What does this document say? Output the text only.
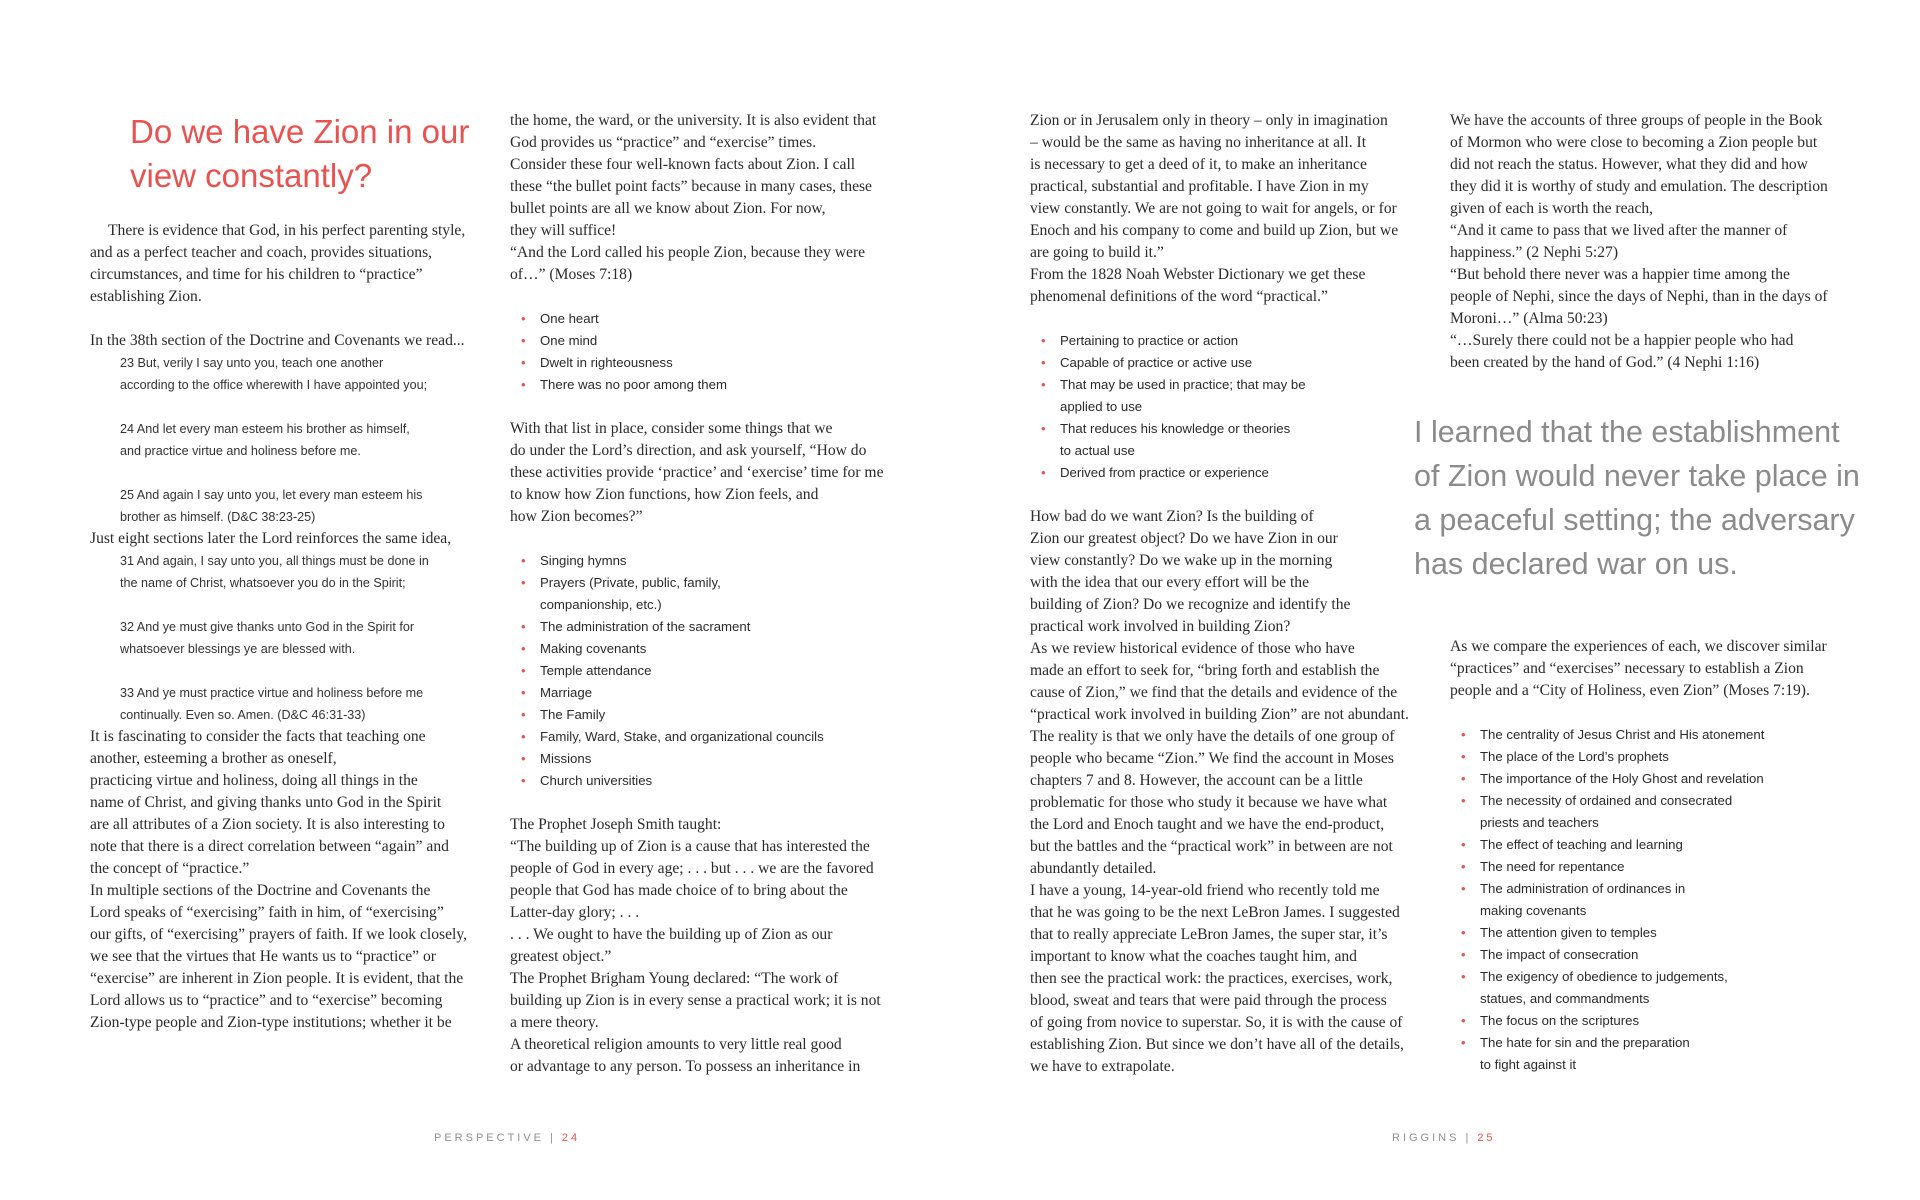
Do we have Zion in our
view constantly?

There is evidence that God, in his perfect parenting style,
and as a perfect teacher and coach, provides situations,
circumstances, and time for his children to “practice”
establishing Zion.

In the 38th section of the Doctrine and Covenants we read...

23 But, verily I say unto you, teach one another
according to the office wherewith I have appointed you;

24 And let every man esteem his brother as himself,
and practice virtue and holiness before me.

25 And again I say unto you, let every man esteem his
brother as himself. (D&C 38:23-25)

Just eight sections later the Lord reinforces the same idea,

31 And again, I say unto you, all things must be done in
the name of Christ, whatsoever you do in the Spirit;

32 And ye must give thanks unto God in the Spirit for
whatsoever blessings ye are blessed with.

33 And ye must practice virtue and holiness before me
continually. Even so. Amen. (D&C 46:31-33)

It is fascinating to consider the facts that teaching one
another, esteeming a brother as oneself,
practicing virtue and holiness, doing all things in the
name of Christ, and giving thanks unto God in the Spirit
are all attributes of a Zion society. It is also interesting to
note that there is a direct correlation between “again” and
the concept of “practice.”
In multiple sections of the Doctrine and Covenants the
Lord speaks of “exercising” faith in him, of “exercising”
our gifts, of “exercising” prayers of faith. If we look closely,
we see that the virtues that He wants us to “practice” or
“exercise” are inherent in Zion people. It is evident, that the
Lord allows us to “practice” and to “exercise” becoming
Zion-type people and Zion-type institutions; whether it be

the home, the ward, or the university. It is also evident that
God provides us “practice” and “exercise” times.
Consider these four well-known facts about Zion. I call
these “the bullet point facts” because in many cases, these
bullet points are all we know about Zion. For now,
they will suffice!
“And the Lord called his people Zion, because they were
of…” (Moses 7:18)

• One heart
• One mind
• Dwelt in righteousness
• There was no poor among them

With that list in place, consider some things that we
do under the Lord’s direction, and ask yourself, “How do
these activities provide ‘practice’ and ‘exercise’ time for me
to know how Zion functions, how Zion feels, and
how Zion becomes?”

• Singing hymns
• Prayers (Private, public, family,
companionship, etc.)
• The administration of the sacrament
• Making covenants
• Temple attendance
• Marriage
• The Family
• Family, Ward, Stake, and organizational councils
• Missions
• Church universities

The Prophet Joseph Smith taught:
“The building up of Zion is a cause that has interested the
people of God in every age; . . . but . . . we are the favored
people that God has made choice of to bring about the
Latter-day glory; . . .
. . . We ought to have the building up of Zion as our
greatest object.”
The Prophet Brigham Young declared: “The work of
building up Zion is in every sense a practical work; it is not
a mere theory.
A theoretical religion amounts to very little real good
or advantage to any person. To possess an inheritance in

PERSPECTIVE | 24

Zion or in Jerusalem only in theory – only in imagination
– would be the same as having no inheritance at all. It
is necessary to get a deed of it, to make an inheritance
practical, substantial and profitable. I have Zion in my
view constantly. We are not going to wait for angels, or for
Enoch and his company to come and build up Zion, but we
are going to build it.”
From the 1828 Noah Webster Dictionary we get these
phenomenal definitions of the word “practical.”

• Pertaining to practice or action
• Capable of practice or active use
• That may be used in practice; that may be
applied to use
• That reduces his knowledge or theories
to actual use
• Derived from practice or experience

How bad do we want Zion? Is the building of
Zion our greatest object? Do we have Zion in our
view constantly? Do we wake up in the morning
with the idea that our every effort will be the
building of Zion? Do we recognize and identify the
practical work involved in building Zion?
As we review historical evidence of those who have
made an effort to seek for, “bring forth and establish the
cause of Zion,” we find that the details and evidence of the
“practical work involved in building Zion” are not abundant.
The reality is that we only have the details of one group of
people who became “Zion.” We find the account in Moses
chapters 7 and 8. However, the account can be a little
problematic for those who study it because we have what
the Lord and Enoch taught and we have the end-product,
but the battles and the “practical work” in between are not
abundantly detailed.
I have a young, 14-year-old friend who recently told me
that he was going to be the next LeBron James. I suggested
that to really appreciate LeBron James, the super star, it’s
important to know what the coaches taught him, and
then see the practical work: the practices, exercises, work,
blood, sweat and tears that were paid through the process
of going from novice to superstar. So, it is with the cause of
establishing Zion. But since we don’t have all of the details,
we have to extrapolate.

We have the accounts of three groups of people in the Book
of Mormon who were close to becoming a Zion people but
did not reach the status. However, what they did and how
they did it is worthy of study and emulation. The description
given of each is worth the reach,
“And it came to pass that we lived after the manner of
happiness.” (2 Nephi 5:27)
“But behold there never was a happier time among the
people of Nephi, since the days of Nephi, than in the days of
Moroni…” (Alma 50:23)
“…Surely there could not be a happier people who had
been created by the hand of God.” (4 Nephi 1:16)

I learned that the establishment
of Zion would never take place in
a peaceful setting; the adversary
has declared war on us.

As we compare the experiences of each, we discover similar
“practices” and “exercises” necessary to establish a Zion
people and a “City of Holiness, even Zion” (Moses 7:19).

• The centrality of Jesus Christ and His atonement
• The place of the Lord’s prophets
• The importance of the Holy Ghost and revelation
• The necessity of ordained and consecrated
priests and teachers
• The effect of teaching and learning
• The need for repentance
• The administration of ordinances in
making covenants
• The attention given to temples
• The impact of consecration
• The exigency of obedience to judgements,
statues, and commandments
• The focus on the scriptures
• The hate for sin and the preparation
to fight against it
RIGGINS | 25
